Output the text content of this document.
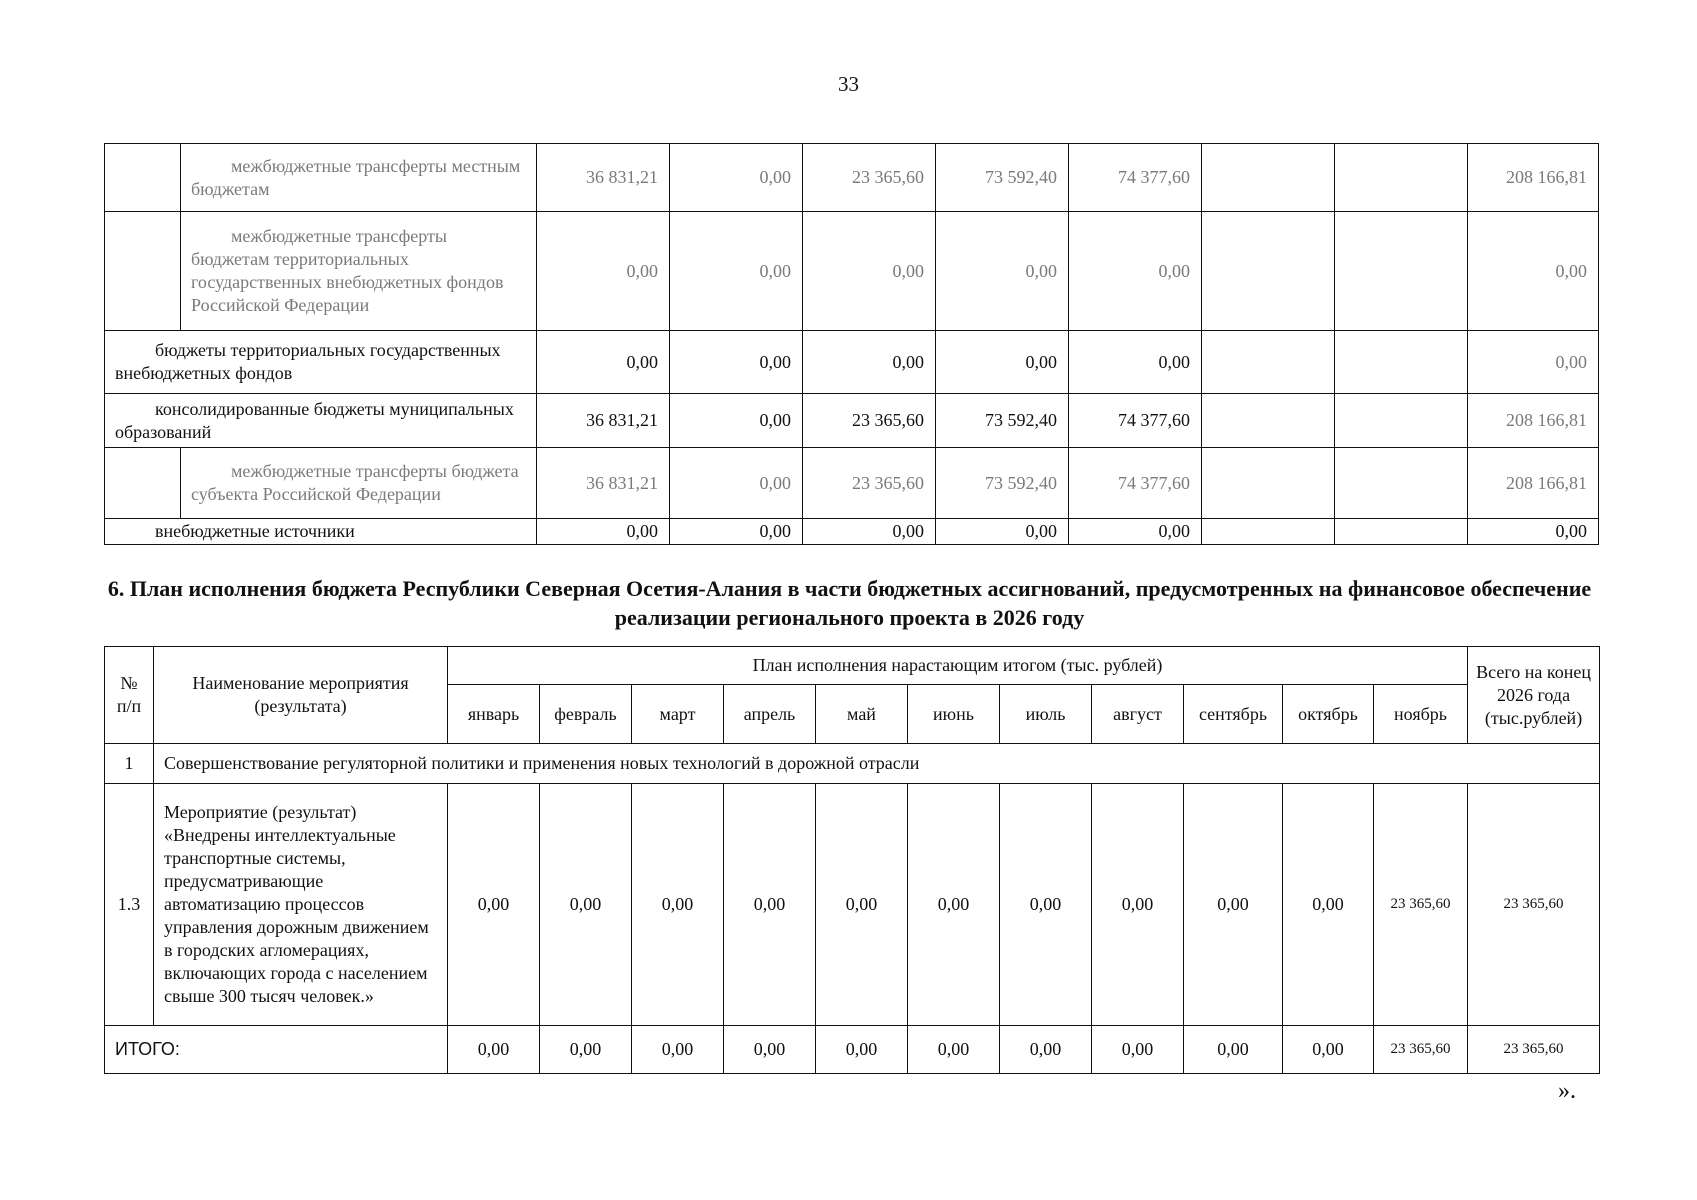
33
	межбюджетные трансферты местным бюджетам	36 831,21	0,00	23 365,60	73 592,40	74 377,60			208 166,81
	межбюджетные трансферты бюджетам территориальных государственных внебюджетных фондов Российской Федерации	0,00	0,00	0,00	0,00	0,00			0,00
бюджеты территориальных государственных внебюджетных фондов		0,00	0,00	0,00	0,00	0,00			0,00
консолидированные бюджеты муниципальных образований		36 831,21	0,00	23 365,60	73 592,40	74 377,60			208 166,81
	межбюджетные трансферты бюджета субъекта Российской Федерации	36 831,21	0,00	23 365,60	73 592,40	74 377,60			208 166,81
внебюджетные источники		0,00	0,00	0,00	0,00	0,00			0,00
6. План исполнения бюджета Республики Северная Осетия-Алания в части бюджетных ассигнований, предусмотренных на финансовое обеспечение реализации регионального проекта в 2026 году
№ п/п	Наименование мероприятия (результата)	План исполнения нарастающим итогом (тыс. рублей)											Всего на конец 2026 года (тыс.рублей)
		январь	февраль	март	апрель	май	июнь	июль	август	сентябрь	октябрь	ноябрь	
1	Совершенствование регуляторной политики и применения новых технологий в дорожной отрасли												
1.3	Мероприятие (результат) «Внедрены интеллектуальные транспортные системы, предусматривающие автоматизацию процессов управления дорожным движением в городских агломерациях, включающих города с населением свыше 300 тысяч человек.»	0,00	0,00	0,00	0,00	0,00	0,00	0,00	0,00	0,00	0,00	23 365,60	23 365,60
ИТОГО:		0,00	0,00	0,00	0,00	0,00	0,00	0,00	0,00	0,00	0,00	23 365,60	23 365,60
».
